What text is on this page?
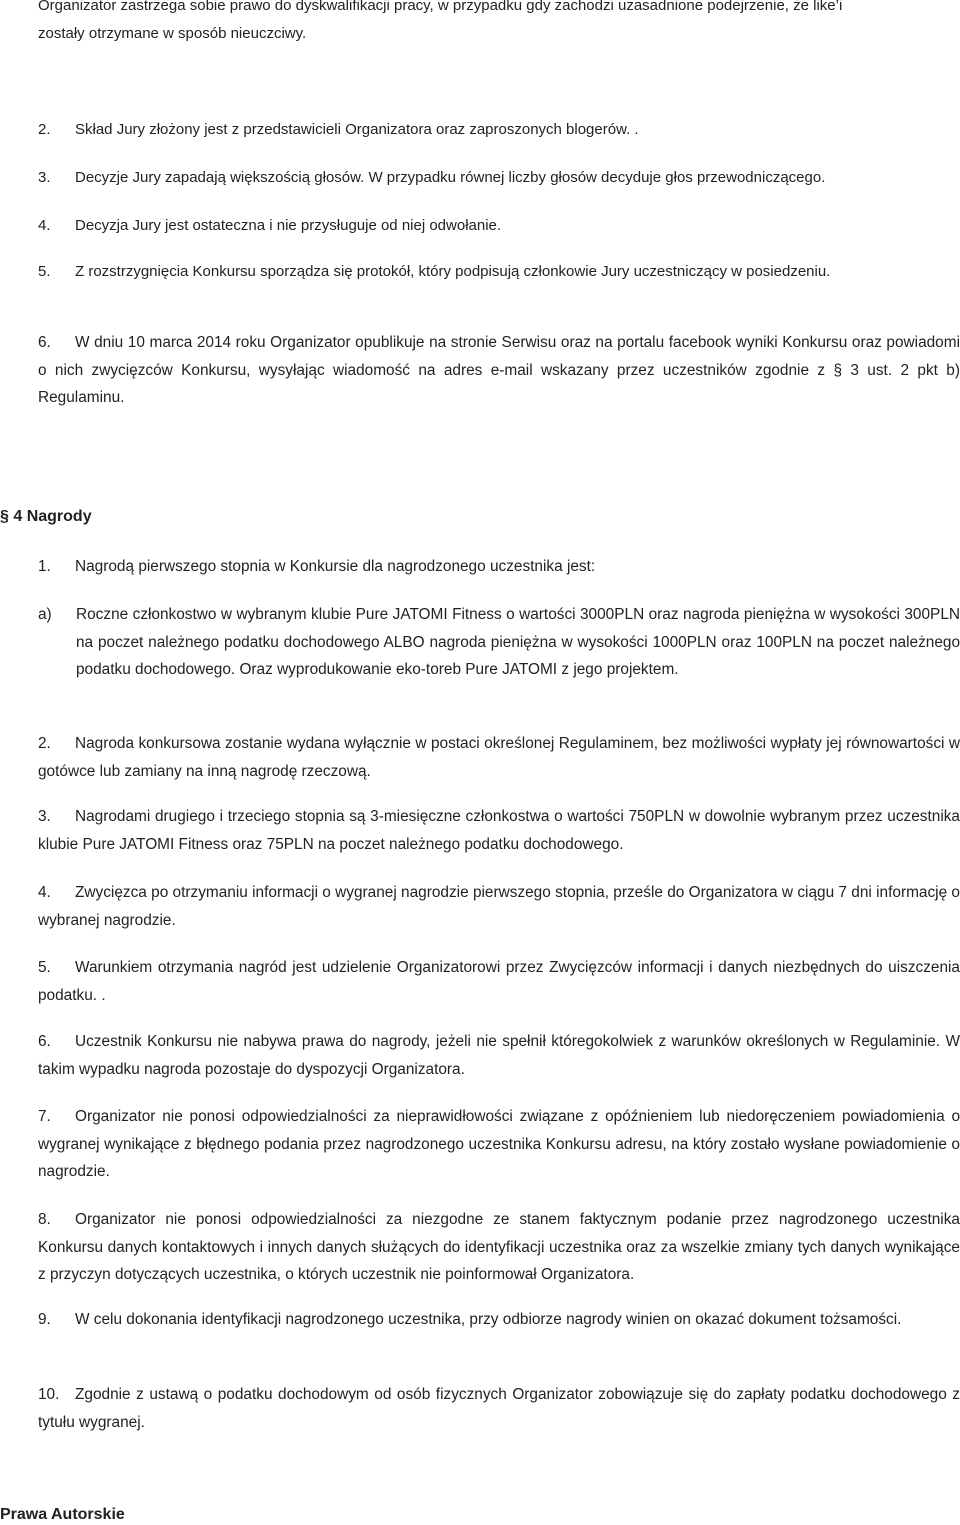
Organizator zastrzega sobie prawo do dyskwalifikacji pracy, w przypadku gdy zachodzi uzasadnione podejrzenie, że like’i
zostały otrzymane w sposób nieuczciwy.
2. Skład Jury złożony jest z przedstawicieli Organizatora oraz zaproszonych blogerów. .
3. Decyzje Jury zapadają większością głosów. W przypadku równej liczby głosów decyduje głos przewodniczącego.
4. Decyzja Jury jest ostateczna i nie przysługuje od niej odwołanie.
5. Z rozstrzygnięcia Konkursu sporządza się protokół, który podpisują członkowie Jury uczestniczący w posiedzeniu.
6. W dniu 10 marca 2014 roku Organizator opublikuje na stronie Serwisu oraz na portalu facebook wyniki Konkursu oraz powiadomi o nich zwycięzców Konkursu, wysyłając wiadomość na adres e-mail wskazany przez uczestników zgodnie z § 3 ust. 2 pkt b) Regulaminu.
§ 4 Nagrody
1. Nagrodą pierwszego stopnia w Konkursie dla nagrodzonego uczestnika jest:
a) Roczne członkostwo w wybranym klubie Pure JATOMI Fitness o wartości 3000PLN oraz nagroda pieniężna w wysokości 300PLN na poczet należnego podatku dochodowego ALBO nagroda pieniężna w wysokości 1000PLN oraz 100PLN na poczet należnego podatku dochodowego. Oraz wyprodukowanie eko-toreb Pure JATOMI z jego projektem.
2. Nagroda konkursowa zostanie wydana wyłącznie w postaci określonej Regulaminem, bez możliwości wypłaty jej równowartości w gotówce lub zamiany na inną nagrodę rzeczową.
3. Nagrodami drugiego i trzeciego stopnia są 3-miesięczne członkostwa o wartości 750PLN w dowolnie wybranym przez uczestnika klubie Pure JATOMI Fitness oraz 75PLN na poczet należnego podatku dochodowego.
4. Zwycięzca po otrzymaniu informacji o wygranej nagrodzie pierwszego stopnia, prześle do Organizatora w ciągu 7 dni informację o wybranej nagrodzie.
5. Warunkiem otrzymania nagród jest udzielenie Organizatorowi przez Zwycięzców informacji i danych niezbędnych do uiszczenia podatku. .
6. Uczestnik Konkursu nie nabywa prawa do nagrody, jeżeli nie spełnił któregokolwiek z warunków określonych w Regulaminie. W takim wypadku nagroda pozostaje do dyspozycji Organizatora.
7. Organizator nie ponosi odpowiedzialności za nieprawidłowości związane z opóźnieniem lub niedoręczeniem powiadomienia o wygranej wynikające z błędnego podania przez nagrodzonego uczestnika Konkursu adresu, na który zostało wysłane powiadomienie o nagrodzie.
8. Organizator nie ponosi odpowiedzialności za niezgodne ze stanem faktycznym podanie przez nagrodzonego uczestnika Konkursu danych kontaktowych i innych danych służących do identyfikacji uczestnika oraz za wszelkie zmiany tych danych wynikające z przyczyn dotyczących uczestnika, o których uczestnik nie poinformował Organizatora.
9. W celu dokonania identyfikacji nagrodzonego uczestnika, przy odbiorze nagrody winien on okazać dokument tożsamości.
10. Zgodnie z ustawą o podatku dochodowym od osób fizycznych Organizator zobowiązuje się do zapłaty podatku dochodowego z tytułu wygranej.
Prawa Autorskie
